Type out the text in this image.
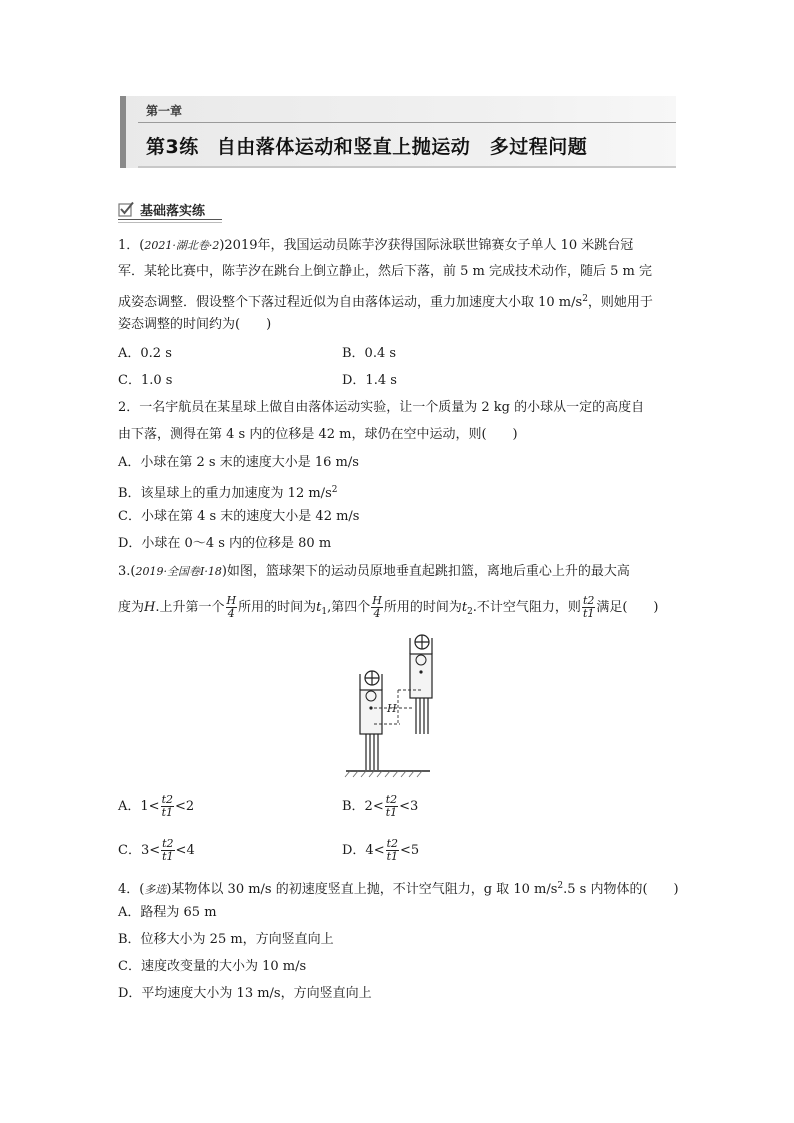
第一章
第3练 自由落体运动和竖直上抛运动　多过程问题
基础落实练
1．(2021·湖北卷·2)2019年，我国运动员陈芋汐获得国际泳联世锦赛女子单人 10 米跳台冠
军．某轮比赛中，陈芋汐在跳台上倒立静止，然后下落，前 5 m 完成技术动作，随后 5 m 完
成姿态调整．假设整个下落过程近似为自由落体运动，重力加速度大小取 10 $m/s^2$，则她用于
姿态调整的时间约为(　　)
A．0.2 s	B．0.4 s
C．1.0 s	D．1.4 s
2．一名宇航员在某星球上做自由落体运动实验，让一个质量为 2 kg 的小球从一定的高度自
由下落，测得在第 4 s 内的位移是 42 m，球仍在空中运动，则(　　)
A．小球在第 2 s 末的速度大小是 16 m/s
B．该星球上的重力加速度为 12 $m/s^2$
C．小球在第 4 s 末的速度大小是 42 m/s
D．小球在 0～4 s 内的位移是 80 m
3.(2019·全国卷Ⅰ·18)如图，篮球架下的运动员原地垂直起跳扣篮，离地后重心上升的最大高
度为H.上升第一个 $\frac{H}{4}$ 所用的时间为$t_1$,第四个 $\frac{H}{4}$ 所用的时间为$t_2$.不计空气阻力，则 $\frac{t2}{t1}$ 满足(　　)
H
A．$1< \frac{t2}{t1} <2$	B．$2< \frac{t2}{t1} <3$
C．$3< \frac{t2}{t1} <4$	D．$4< \frac{t2}{t1} <5$
4．(多选)某物体以 30 m/s 的初速度竖直上抛，不计空气阻力，g 取 10 $m/s^2.5$ s 内物体的(　　)
A．路程为 65 m
B．位移大小为 25 m，方向竖直向上
C．速度改变量的大小为 10 m/s
D．平均速度大小为 13 m/s，方向竖直向上
